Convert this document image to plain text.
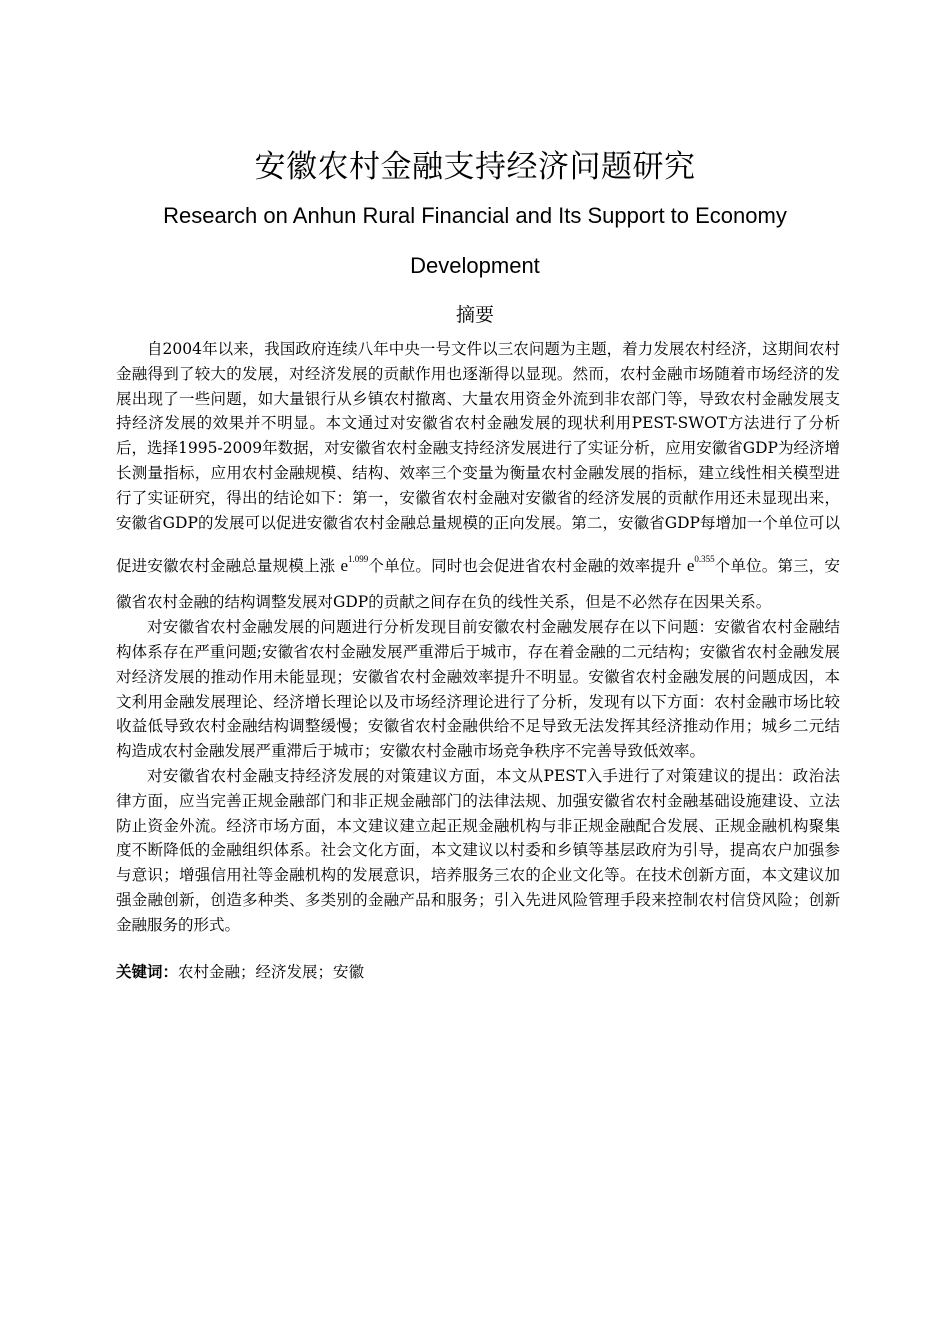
安徽农村金融支持经济问题研究
Research on Anhun Rural Financial and Its Support to Economy Development
摘要

自2004年以来，我国政府连续八年中央一号文件以三农问题为主题，着力发展农村经济，这期间农村金融得到了较大的发展，对经济发展的贡献作用也逐渐得以显现。然而，农村金融市场随着市场经济的发展出现了一些问题，如大量银行从乡镇农村撤离、大量农用资金外流到非农部门等，导致农村金融发展支持经济发展的效果并不明显。本文通过对安徽省农村金融发展的现状利用PEST-SWOT方法进行了分析后，选择1995-2009年数据，对安徽省农村金融支持经济发展进行了实证分析，应用安徽省GDP为经济增长测量指标，应用农村金融规模、结构、效率三个变量为衡量农村金融发展的指标，建立线性相关模型进行了实证研究，得出的结论如下：第一，安徽省农村金融对安徽省的经济发展的贡献作用还未显现出来，安徽省GDP的发展可以促进安徽省农村金融总量规模的正向发展。第二，安徽省GDP每增加一个单位可以促进安徽农村金融总量规模上涨 $e^{1.099}$个单位。同时也会促进省农村金融的效率提升 $e^{0.355}$个单位。第三，安徽省农村金融的结构调整发展对GDP的贡献之间存在负的线性关系，但是不必然存在因果关系。

对安徽省农村金融发展的问题进行分析发现目前安徽农村金融发展存在以下问题：安徽省农村金融结构体系存在严重问题;安徽省农村金融发展严重滞后于城市，存在着金融的二元结构；安徽省农村金融发展对经济发展的推动作用未能显现；安徽省农村金融效率提升不明显。安徽省农村金融发展的问题成因，本文利用金融发展理论、经济增长理论以及市场经济理论进行了分析，发现有以下方面：农村金融市场比较收益低导致农村金融结构调整缓慢；安徽省农村金融供给不足导致无法发挥其经济推动作用；城乡二元结构造成农村金融发展严重滞后于城市；安徽农村金融市场竞争秩序不完善导致低效率。

对安徽省农村金融支持经济发展的对策建议方面，本文从PEST入手进行了对策建议的提出：政治法律方面，应当完善正规金融部门和非正规金融部门的法律法规、加强安徽省农村金融基础设施建设、立法防止资金外流。经济市场方面，本文建议建立起正规金融机构与非正规金融配合发展、正规金融机构聚集度不断降低的金融组织体系。社会文化方面，本文建议以村委和乡镇等基层政府为引导，提高农户加强参与意识；增强信用社等金融机构的发展意识，培养服务三农的企业文化等。在技术创新方面，本文建议加强金融创新，创造多种类、多类别的金融产品和服务；引入先进风险管理手段来控制农村信贷风险；创新金融服务的形式。

关键词：农村金融；经济发展；安徽
